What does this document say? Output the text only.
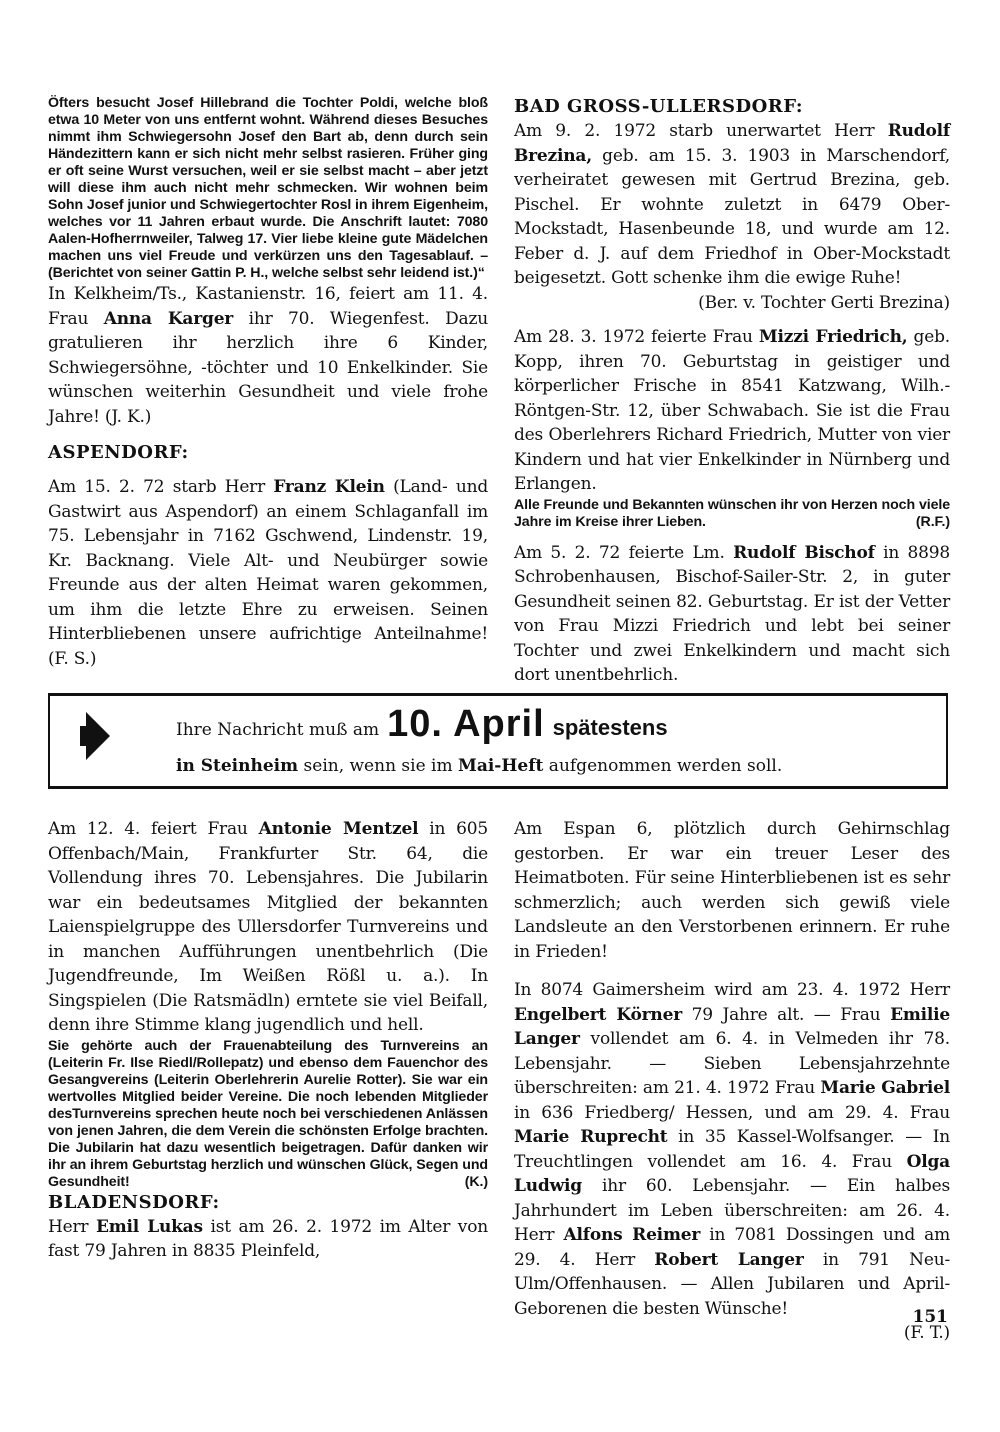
Öfters besucht Josef Hillebrand die Tochter Poldi, welche bloß etwa 10 Meter von uns entfernt wohnt. Während dieses Besuches nimmt ihm Schwiegersohn Josef den Bart ab, denn durch sein Händezittern kann er sich nicht mehr selbst rasieren. Früher ging er oft seine Wurst versuchen, weil er sie selbst macht – aber jetzt will diese ihm auch nicht mehr schmecken. Wir wohnen beim Sohn Josef junior und Schwiegertochter Rosl in ihrem Eigenheim, welches vor 11 Jahren erbaut wurde. Die Anschrift lautet: 7080 Aalen-Hofherrnweiler, Talweg 17. Vier liebe kleine gute Mädelchen machen uns viel Freude und verkürzen uns den Tagesablauf. – (Berichtet von seiner Gattin P. H., welche selbst sehr leidend ist.)“

In Kelkheim/Ts., Kastanienstr. 16, feiert am 11. 4. Frau Anna Karger ihr 70. Wiegenfest. Dazu gratulieren ihr herzlich ihre 6 Kinder, Schwiegersöhne, -töchter und 10 Enkelkinder. Sie wünschen weiterhin Gesundheit und viele frohe Jahre! (J. K.)

ASPENDORF:

Am 15. 2. 72 starb Herr Franz Klein (Land- und Gastwirt aus Aspendorf) an einem Schlaganfall im 75. Lebensjahr in 7162 Gschwend, Lindenstr. 19, Kr. Backnang. Viele Alt- und Neubürger sowie Freunde aus der alten Heimat waren gekommen, um ihm die letzte Ehre zu erweisen. Seinen Hinterbliebenen unsere aufrichtige Anteilnahme! (F. S.)

BAD GROSS-ULLERSDORF:

Am 9. 2. 1972 starb unerwartet Herr Rudolf Brezina, geb. am 15. 3. 1903 in Marschendorf, verheiratet gewesen mit Gertrud Brezina, geb. Pischel. Er wohnte zuletzt in 6479 Ober-Mockstadt, Hasenbeunde 18, und wurde am 12. Feber d. J. auf dem Friedhof in Ober-Mockstadt beigesetzt. Gott schenke ihm die ewige Ruhe!

(Ber. v. Tochter Gerti Brezina)

Am 28. 3. 1972 feierte Frau Mizzi Friedrich, geb. Kopp, ihren 70. Geburtstag in geistiger und körperlicher Frische in 8541 Katzwang, Wilh.-Röntgen-Str. 12, über Schwabach. Sie ist die Frau des Oberlehrers Richard Friedrich, Mutter von vier Kindern und hat vier Enkelkinder in Nürnberg und Erlangen.

Alle Freunde und Bekannten wünschen ihr von Herzen noch viele Jahre im Kreise ihrer Lieben.	(R.F.)

Am 5. 2. 72 feierte Lm. Rudolf Bischof in 8898 Schrobenhausen, Bischof-Sailer-Str. 2, in guter Gesundheit seinen 82. Geburtstag. Er ist der Vetter von Frau Mizzi Friedrich und lebt bei seiner Tochter und zwei Enkelkindern und macht sich dort unentbehrlich.

Ihre Nachricht muß am 10. April spätestens
in Steinheim sein, wenn sie im Mai-Heft aufgenommen werden soll.

Am 12. 4. feiert Frau Antonie Mentzel in 605 Offenbach/Main, Frankfurter Str. 64, die Vollendung ihres 70. Lebensjahres. Die Jubilarin war ein bedeutsames Mitglied der bekannten Laienspielgruppe des Ullersdorfer Turnvereins und in manchen Aufführungen unentbehrlich (Die Jugendfreunde, Im Weißen Rößl u. a.). In Singspielen (Die Ratsmädln) erntete sie viel Beifall, denn ihre Stimme klang jugendlich und hell.

Sie gehörte auch der Frauenabteilung des Turnvereins an (Leiterin Fr. Ilse Riedl/Rollepatz) und ebenso dem Fauenchor des Gesangvereins (Leiterin Oberlehrerin Aurelie Rotter). Sie war ein wertvolles Mitglied beider Vereine. Die noch lebenden Mitglieder desTurnvereins sprechen heute noch bei verschiedenen Anlässen von jenen Jahren, die dem Verein die schönsten Erfolge brachten. Die Jubilarin hat dazu wesentlich beigetragen. Dafür danken wir ihr an ihrem Geburtstag herzlich und wünschen Glück, Segen und Gesundheit!	(K.)

BLADENSDORF:

Herr Emil Lukas ist am 26. 2. 1972 im Alter von fast 79 Jahren in 8835 Pleinfeld,

Am Espan 6, plötzlich durch Gehirnschlag gestorben. Er war ein treuer Leser des Heimatboten. Für seine Hinterbliebenen ist es sehr schmerzlich; auch werden sich gewiß viele Landsleute an den Verstorbenen erinnern. Er ruhe in Frieden!

In 8074 Gaimersheim wird am 23. 4. 1972 Herr Engelbert Körner 79 Jahre alt. — Frau Emilie Langer vollendet am 6. 4. in Velmeden ihr 78. Lebensjahr. — Sieben Lebensjahrzehnte überschreiten: am 21. 4. 1972 Frau Marie Gabriel in 636 Friedberg/ Hessen, und am 29. 4. Frau Marie Ruprecht in 35 Kassel-Wolfsanger. — In Treuchtlingen vollendet am 16. 4. Frau Olga Ludwig ihr 60. Lebensjahr. — Ein halbes Jahrhundert im Leben überschreiten: am 26. 4. Herr Alfons Reimer in 7081 Dossingen und am 29. 4. Herr Robert Langer in 791 Neu-Ulm/Offenhausen. — Allen Jubilaren und April-Geborenen die besten Wünsche!

(F. T.)

151
